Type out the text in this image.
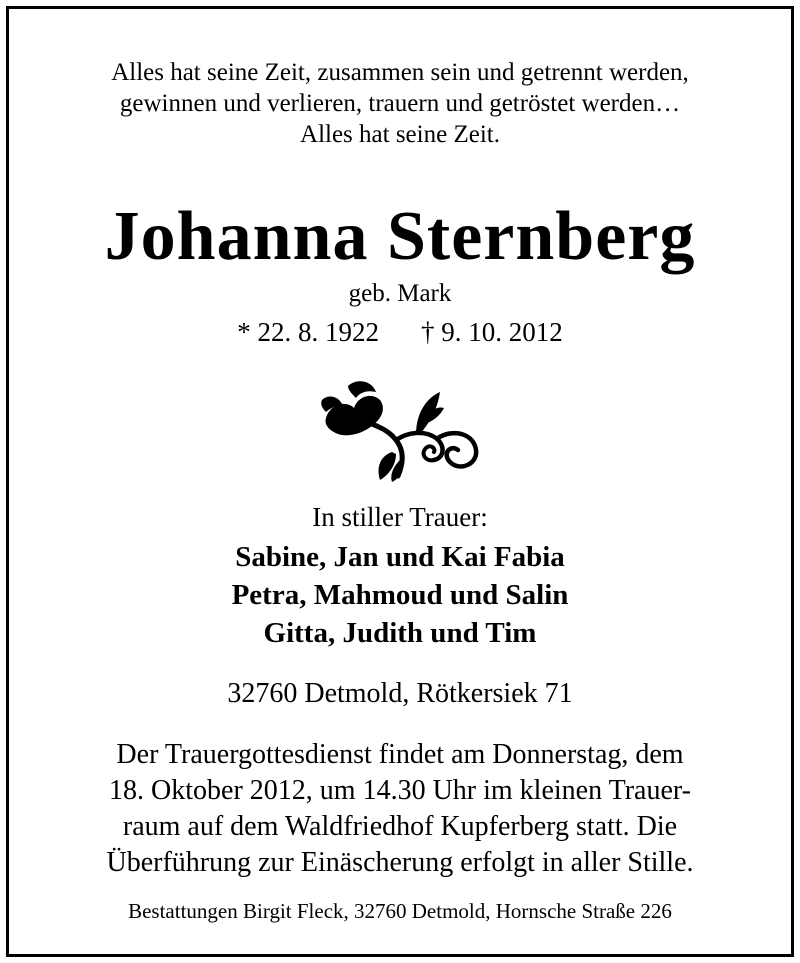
Alles hat seine Zeit, zusammen sein und getrennt werden,
gewinnen und verlieren, trauern und getröstet werden…
Alles hat seine Zeit.
Johanna Sternberg
geb. Mark
* 22. 8. 1922 † 9. 10. 2012
In stiller Trauer:
Sabine, Jan und Kai Fabia
Petra, Mahmoud und Salin
Gitta, Judith und Tim
32760 Detmold, Rötkersiek 71
Der Trauergottesdienst findet am Donnerstag, dem
18. Oktober 2012, um 14.30 Uhr im kleinen Trauer-
raum auf dem Waldfriedhof Kupferberg statt. Die
Überführung zur Einäscherung erfolgt in aller Stille.
Bestattungen Birgit Fleck, 32760 Detmold, Hornsche Straße 226
